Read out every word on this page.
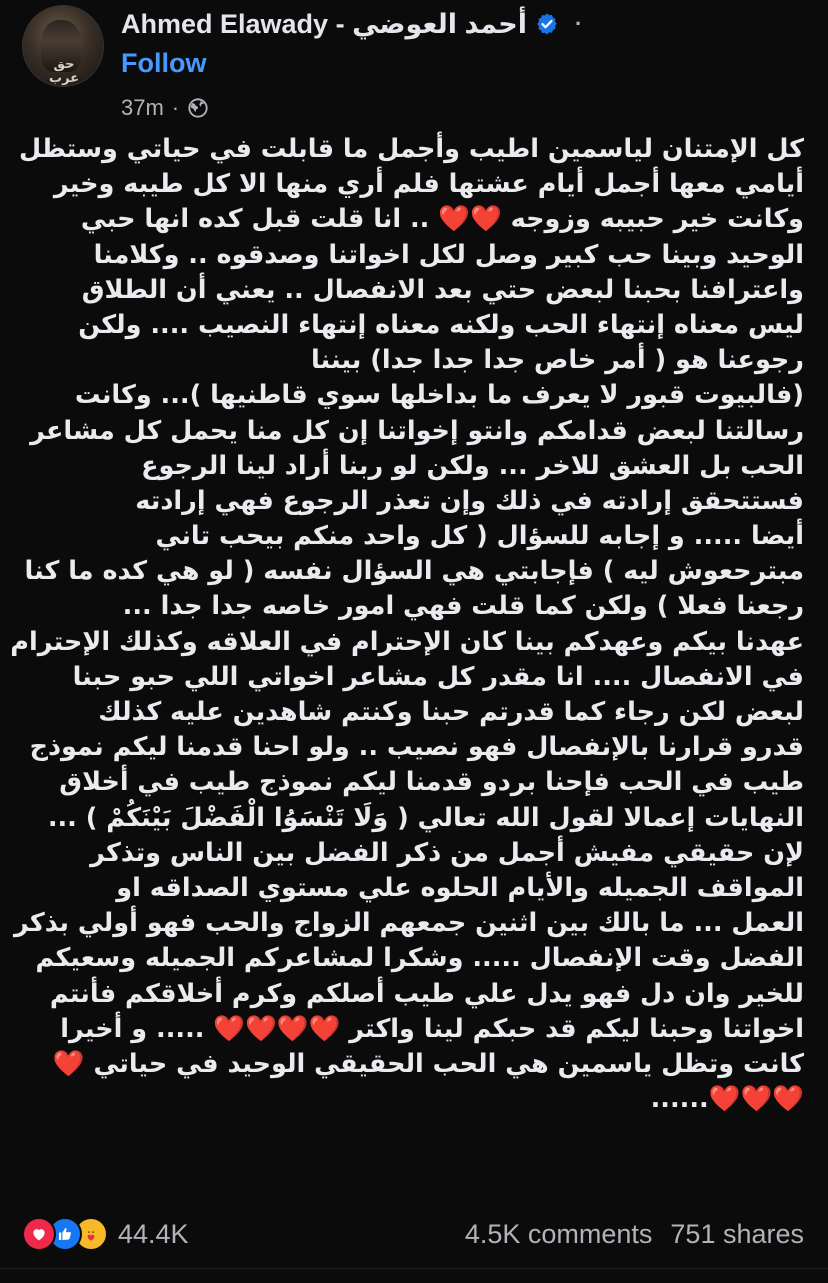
حق عرب
Ahmed Elawady - أحمد العوضي ·
Follow
37m ·
كل الإمتنان لياسمين اطيب وأجمل ما قابلت في حياتي وستظل
أيامي معها أجمل أيام عشتها فلم أري منها الا كل طيبه وخير
وكانت خير حبيبه وزوجه ❤️❤️ .. انا قلت قبل كده انها حبي
الوحيد وبينا حب كبير وصل لكل اخواتنا وصدقوه .. وكلامنا
واعترافنا بحبنا لبعض حتي بعد الانفصال .. يعني أن الطلاق
ليس معناه إنتهاء الحب ولكنه معناه إنتهاء النصيب .... ولكن
رجوعنا هو ( أمر خاص جدا جدا جدا) بيننا
(فالبيوت قبور لا يعرف ما بداخلها سوي قاطنيها )... وكانت
رسالتنا لبعض قدامكم وانتو إخواتنا إن كل منا يحمل كل مشاعر
الحب بل العشق للاخر ... ولكن لو ربنا أراد لينا الرجوع
فستتحقق إرادته في ذلك وإن تعذر الرجوع فهي إرادته
أيضا ..... و إجابه للسؤال ( كل واحد منكم بيحب تاني
مبترحعوش ليه ) فإجابتي هي السؤال نفسه ( لو هي كده ما كنا
رجعنا فعلا ) ولكن كما قلت فهي امور خاصه جدا جدا ...
عهدنا بيكم وعهدكم بينا كان الإحترام في العلاقه وكذلك الإحترام
في الانفصال .... انا مقدر كل مشاعر اخواتي اللي حبو حبنا
لبعض لكن رجاء كما قدرتم حبنا وكنتم شاهدين عليه كذلك
قدرو قرارنا بالإنفصال فهو نصيب .. ولو احنا قدمنا ليكم نموذج
طيب في الحب فإحنا بردو قدمنا ليكم نموذج طيب في أخلاق
النهايات إعمالا لقول الله تعالي ( وَلَا تَنْسَوُا الْفَضْلَ بَيْنَكُمْ ) ...
لإن حقيقي مفيش أجمل من ذكر الفضل بين الناس وتذكر
المواقف الجميله والأيام الحلوه علي مستوي الصداقه او
العمل ... ما بالك بين اثنين جمعهم الزواج والحب فهو أولي بذكر
الفضل وقت الإنفصال ..... وشكرا لمشاعركم الجميله وسعيكم
للخير وان دل فهو يدل علي طيب أصلكم وكرم أخلاقكم فأنتم
اخواتنا وحبنا ليكم قد حبكم لينا واكتر ❤️❤️❤️❤️ ..... و أخيرا
كانت وتظل ياسمين هي الحب الحقيقي الوحيد في حياتي ❤️
❤️❤️❤️......
44.4K	4.5K comments 751 shares
